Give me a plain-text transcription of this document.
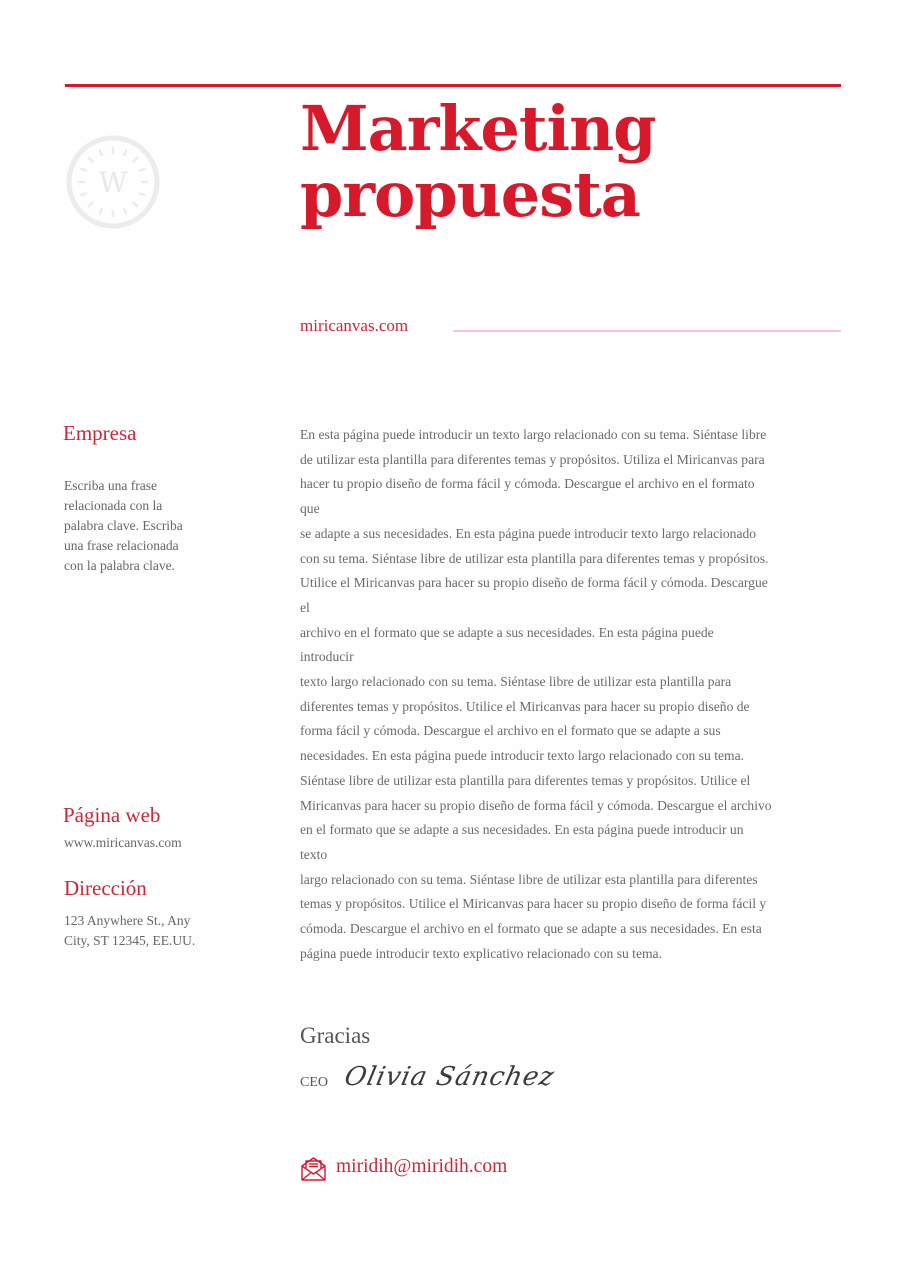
W
Marketing
propuesta
miricanvas.com
Empresa

Escriba una frase
relacionada con la
palabra clave. Escriba
una frase relacionada
con la palabra clave.

Página web
www.miricanvas.com
Dirección

123 Anywhere St., Any
City, ST 12345, EE.UU.

En esta página puede introducir un texto largo relacionado con su tema. Siéntase libre
de utilizar esta plantilla para diferentes temas y propósitos. Utiliza el Miricanvas para
hacer tu propio diseño de forma fácil y cómoda. Descargue el archivo en el formato
que
se adapte a sus necesidades. En esta página puede introducir texto largo relacionado
con su tema. Siéntase libre de utilizar esta plantilla para diferentes temas y propósitos.
Utilice el Miricanvas para hacer su propio diseño de forma fácil y cómoda. Descargue
el
archivo en el formato que se adapte a sus necesidades. En esta página puede
introducir
texto largo relacionado con su tema. Siéntase libre de utilizar esta plantilla para
diferentes temas y propósitos. Utilice el Miricanvas para hacer su propio diseño de
forma fácil y cómoda. Descargue el archivo en el formato que se adapte a sus
necesidades. En esta página puede introducir texto largo relacionado con su tema.
Siéntase libre de utilizar esta plantilla para diferentes temas y propósitos. Utilice el
Miricanvas para hacer su propio diseño de forma fácil y cómoda. Descargue el archivo
en el formato que se adapte a sus necesidades. En esta página puede introducir un
texto
largo relacionado con su tema. Siéntase libre de utilizar esta plantilla para diferentes
temas y propósitos. Utilice el Miricanvas para hacer su propio diseño de forma fácil y
cómoda. Descargue el archivo en el formato que se adapte a sus necesidades. En esta
página puede introducir texto explicativo relacionado con su tema.
Gracias
CEO Olivia Sánchez
miridih@miridih.com
